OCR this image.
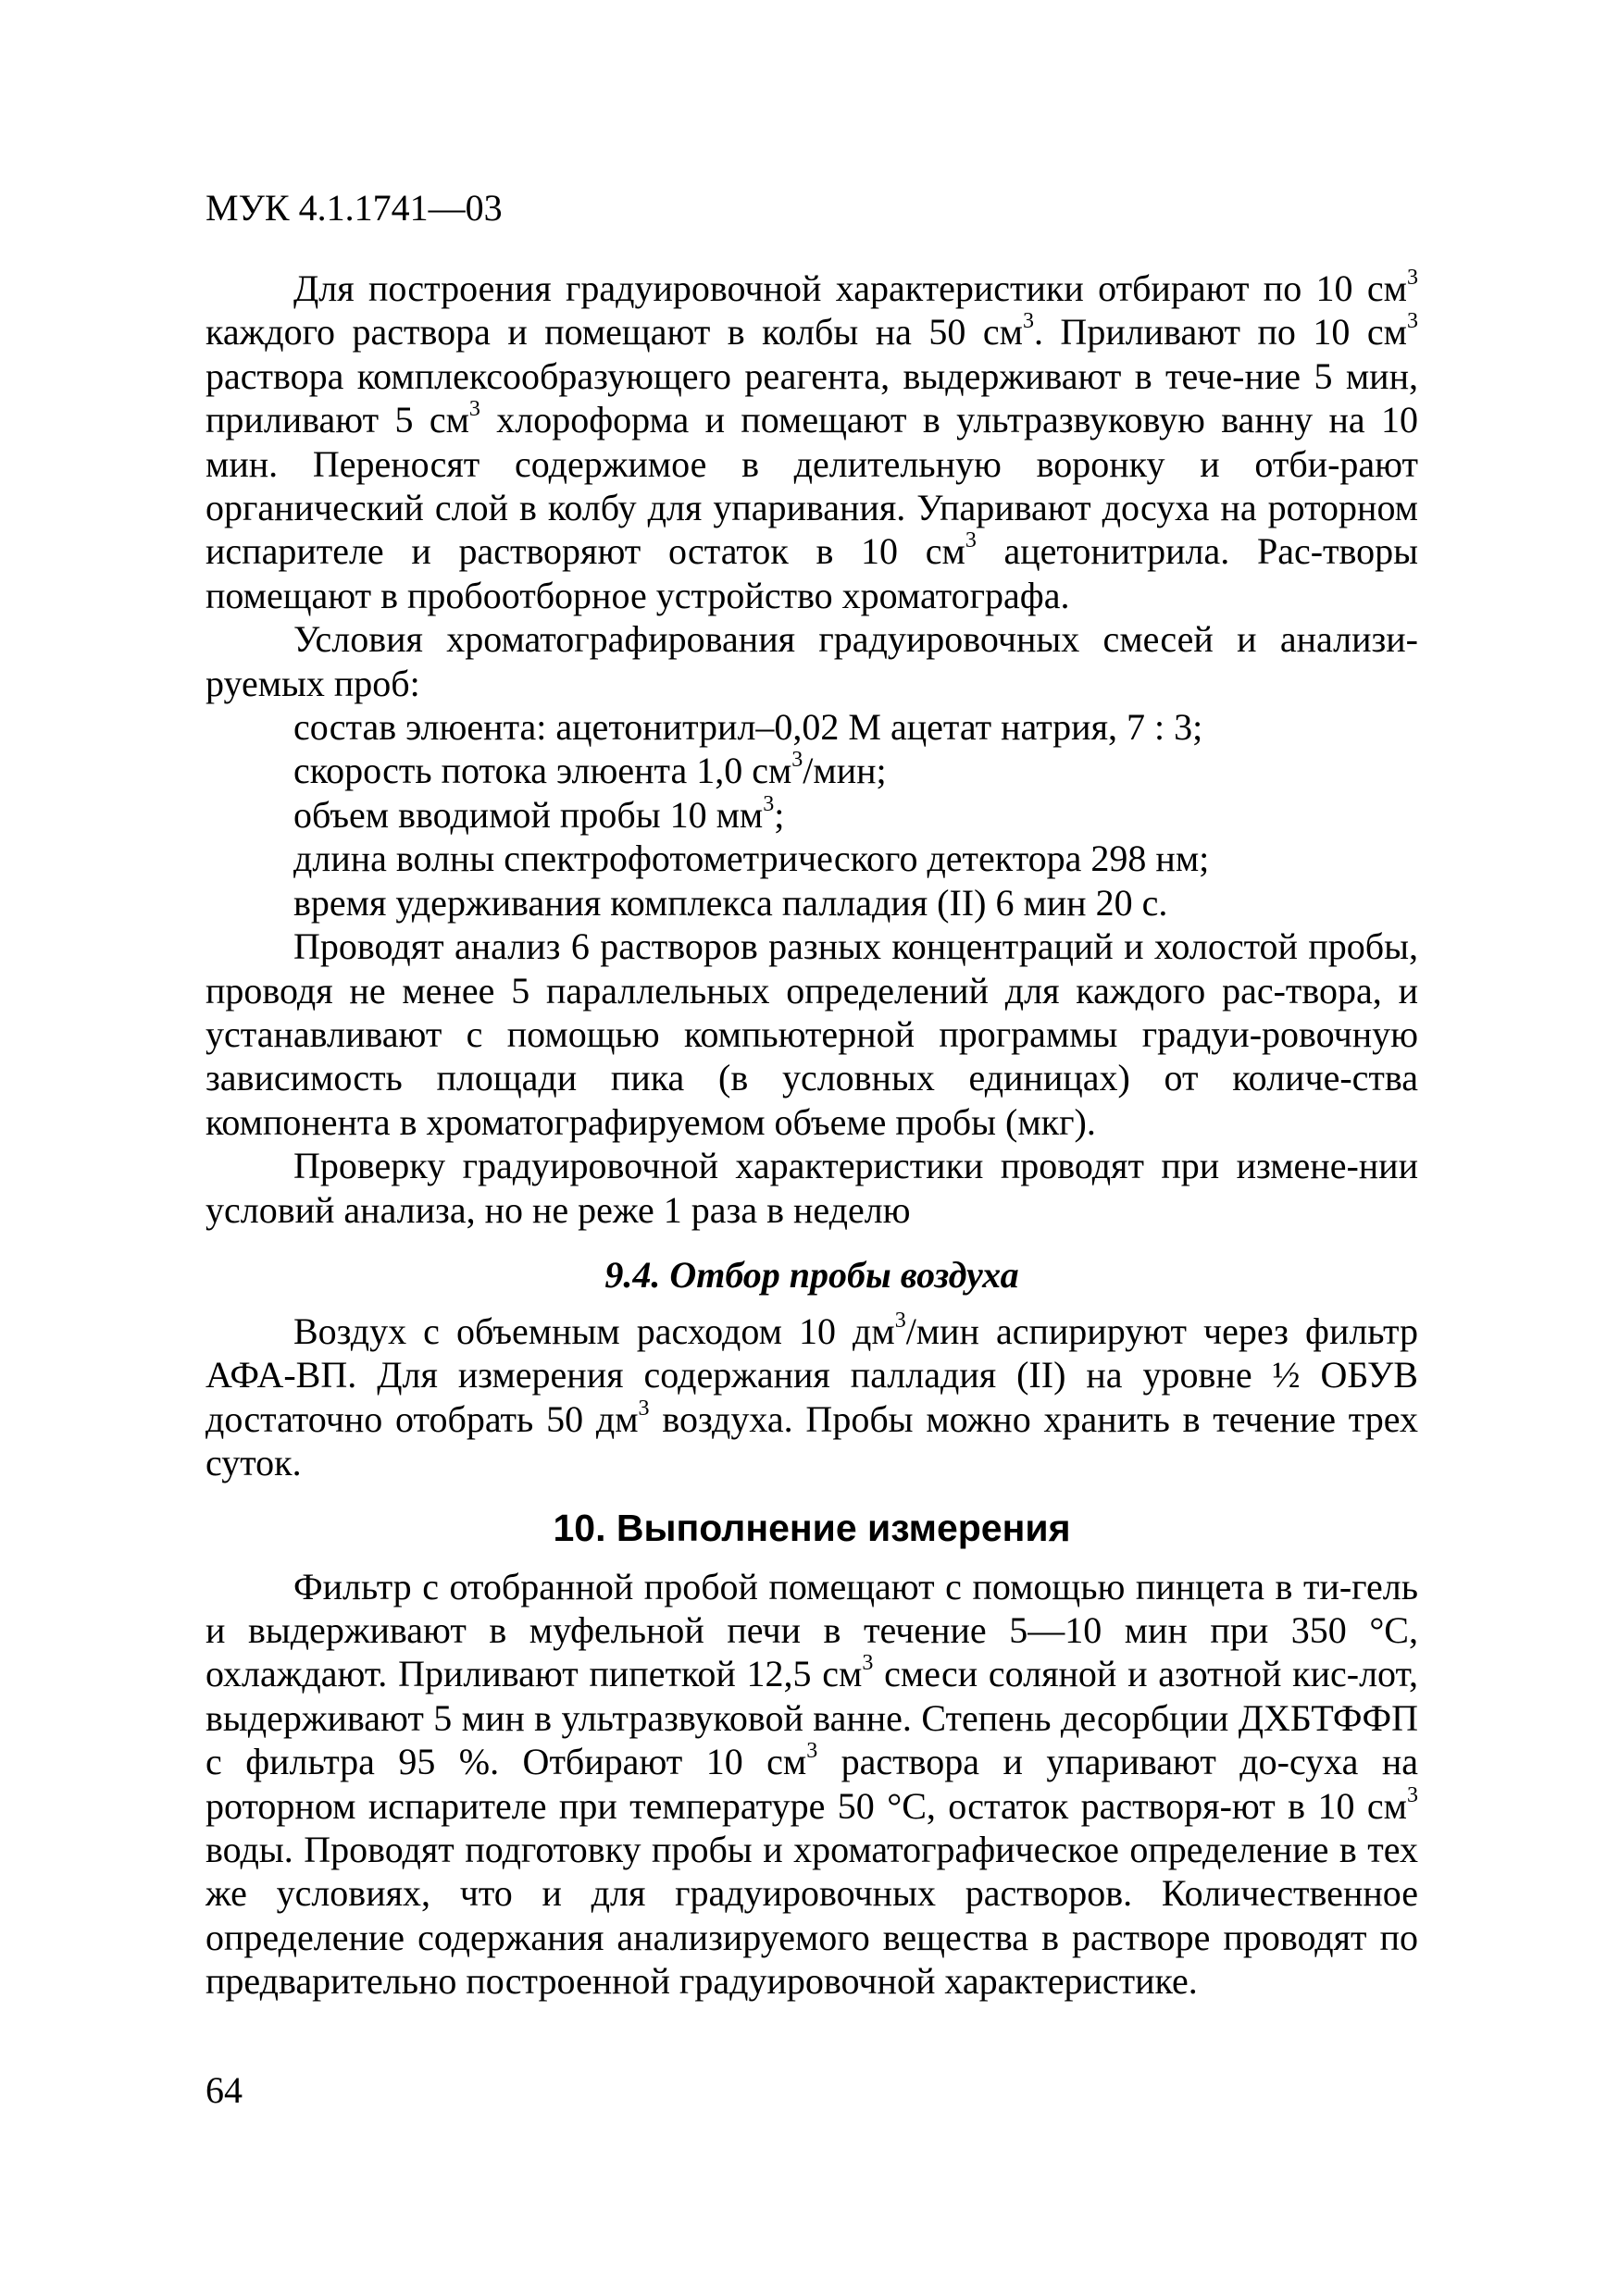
МУК 4.1.1741—03

Для построения градуировочной характеристики отбирают по 10 $см^3$ каждого раствора и помещают в колбы на 50 $см^3$. Приливают по 10 $см^3$ раствора комплексообразующего реагента, выдерживают в тече-ние 5 мин, приливают 5 $см^3$ хлороформа и помещают в ультразвуковую ванну на 10 мин. Переносят содержимое в делительную воронку и отби-рают органический слой в колбу для упаривания. Упаривают досуха на роторном испарителе и растворяют остаток в 10 $см^3$ ацетонитрила. Рас-творы помещают в пробоотборное устройство хроматографа.

Условия хроматографирования градуировочных смесей и анализи-руемых проб:

состав элюента: ацетонитрил–0,02 М ацетат натрия, 7 : 3;

скорость потока элюента 1,0 $см^3$/мин;

объем вводимой пробы 10 $мм^3$;

длина волны спектрофотометрического детектора 298 нм;

время удерживания комплекса палладия (II) 6 мин 20 с.

Проводят анализ 6 растворов разных концентраций и холостой пробы, проводя не менее 5 параллельных определений для каждого рас-твора, и устанавливают с помощью компьютерной программы градуи-ровочную зависимость площади пика (в условных единицах) от количе-ства компонента в хроматографируемом объеме пробы (мкг).

Проверку градуировочной характеристики проводят при измене-нии условий анализа, но не реже 1 раза в неделю

9.4. Отбор пробы воздуха

Воздух с объемным расходом 10 $дм^3$/мин аспирируют через фильтр АФА-ВП. Для измерения содержания палладия (II) на уровне ½ ОБУВ достаточно отобрать 50 $дм^3$ воздуха. Пробы можно хранить в течение трех суток.

10. Выполнение измерения

Фильтр с отобранной пробой помещают с помощью пинцета в ти-гель и выдерживают в муфельной печи в течение 5—10 мин при 350 °С, охлаждают. Приливают пипеткой 12,5 $см^3$ смеси соляной и азотной кис-лот, выдерживают 5 мин в ультразвуковой ванне. Степень десорбции ДХБТФФП с фильтра 95 %. Отбирают 10 $см^3$ раствора и упаривают до-суха на роторном испарителе при температуре 50 °С, остаток растворя-ют в 10 $см^3$ воды. Проводят подготовку пробы и хроматографическое определение в тех же условиях, что и для градуировочных растворов. Количественное определение содержания анализируемого вещества в растворе проводят по предварительно построенной градуировочной характеристике.

64
